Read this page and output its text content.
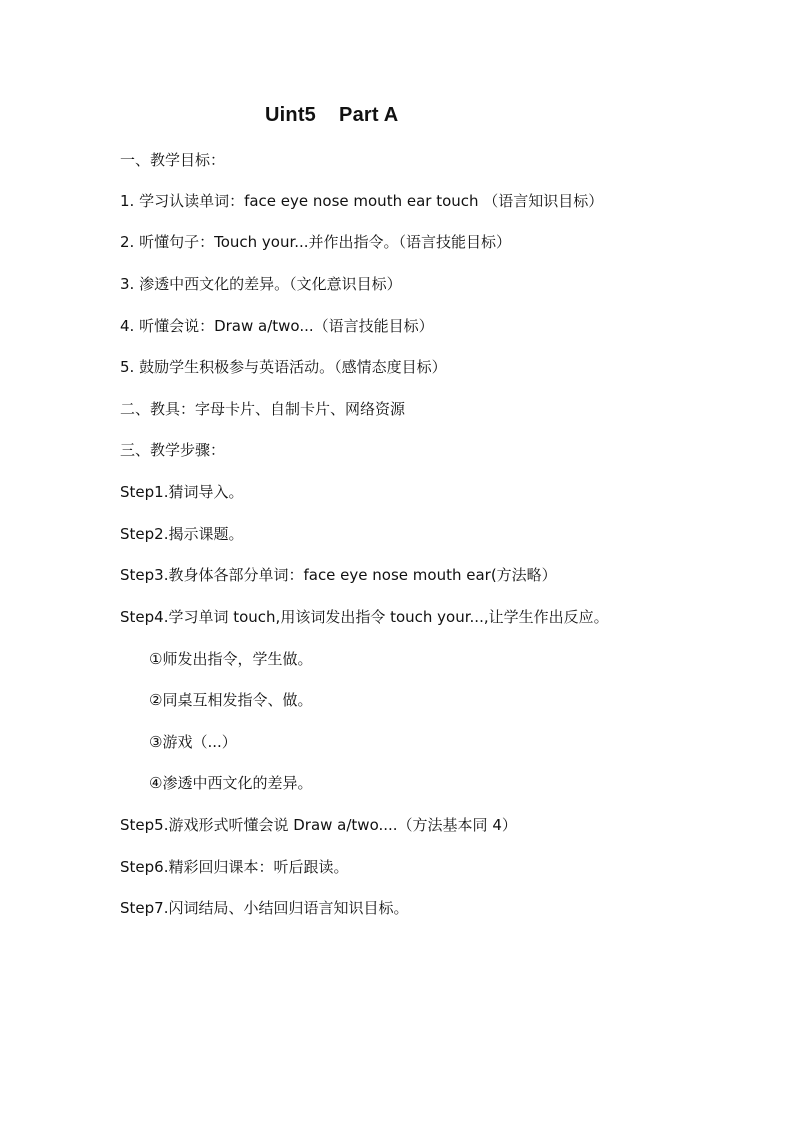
Uint5    Part A
一、教学目标：
1. 学习认读单词：face eye nose mouth ear touch （语言知识目标）
2. 听懂句子：Touch your...并作出指令。（语言技能目标）
3. 渗透中西文化的差异。（文化意识目标）
4. 听懂会说：Draw a/two...（语言技能目标）
5. 鼓励学生积极参与英语活动。（感情态度目标）
二、教具：字母卡片、自制卡片、网络资源
三、教学步骤：
Step1.猜词导入。
Step2.揭示课题。
Step3.教身体各部分单词：face eye nose mouth ear(方法略）
Step4.学习单词 touch,用该词发出指令 touch your...,让学生作出反应。
①师发出指令，学生做。
②同桌互相发指令、做。
③游戏（...）
④渗透中西文化的差异。
Step5.游戏形式听懂会说 Draw a/two....（方法基本同 4）
Step6.精彩回归课本：听后跟读。
Step7.闪词结局、小结回归语言知识目标。
